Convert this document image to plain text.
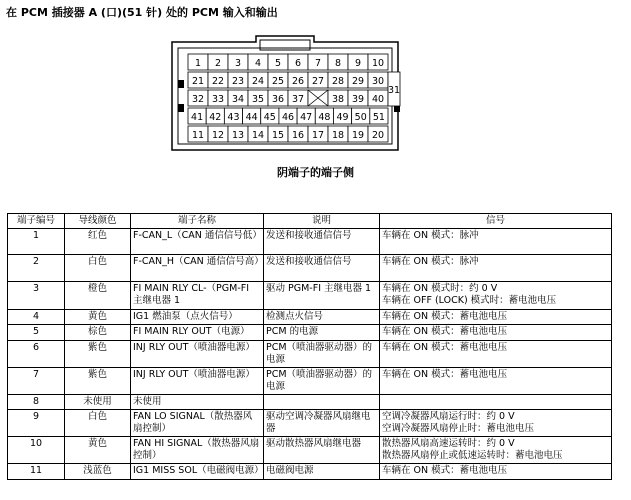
在 PCM 插接器 A (口)(51 针) 处的 PCM 输入和输出
1 2 3 4 5 6 7 8 9 10
21 22 23 24 25 26 27 28 29 30
32 33 34 35 36 37	38 39 40
41 42 43 44 45 46 47 48 49 50 51
11 12 13 14 15 16 17 18 19 20
31
阴端子的端子侧
端子编号	导线颜色	端子名称	说明	信号
1	红色	F-CAN_L（CAN 通信信号低）	发送和接收通信信号	车辆在 ON 模式：脉冲

2	白色	F-CAN_H（CAN 通信信号高）	发送和接收通信信号	车辆在 ON 模式：脉冲

3	橙色	FI MAIN RLY CL-（PGM-FI 主继电器 1	驱动 PGM-FI 主继电器 1	车辆在 ON 模式时：约 0 V
车辆在 OFF (LOCK) 模式时：蓄电池电压

4	黄色	IG1 燃油泵（点火信号）	检测点火信号	车辆在 ON 模式：蓄电池电压

5	棕色	FI MAIN RLY OUT（电源）	PCM 的电源	车辆在 ON 模式：蓄电池电压

6	紫色	INJ RLY OUT（喷油器电源）	PCM（喷油器驱动器）的电源	车辆在 ON 模式：蓄电池电压

7	紫色	INJ RLY OUT（喷油器电源）	PCM（喷油器驱动器）的电源	车辆在 ON 模式：蓄电池电压

8	未使用	未使用		
9	白色	FAN LO SIGNAL（散热器风扇控制）	驱动空调冷凝器风扇继电器	空调冷凝器风扇运行时：约 0 V
空调冷凝器风扇停止时：蓄电池电压

10	黄色	FAN HI SIGNAL（散热器风扇控制）	驱动散热器风扇继电器	散热器风扇高速运转时：约 0 V
散热器风扇停止或低速运转时：蓄电池电压

11	浅蓝色	IG1 MISS SOL（电磁阀电源）	电磁阀电源	车辆在 ON 模式：蓄电池电压
